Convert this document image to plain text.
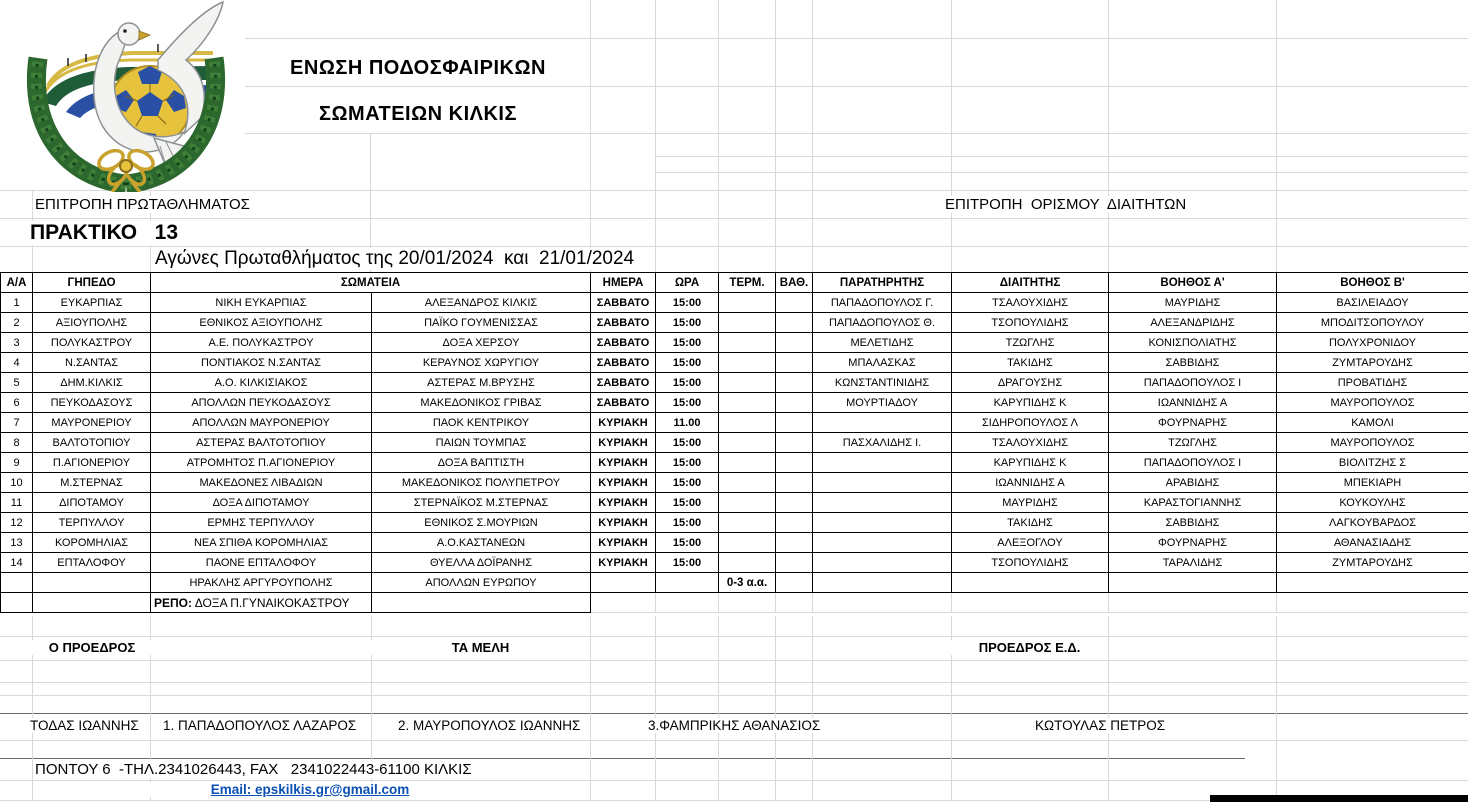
ΕΝΩΣΗ ΠΟΔΟΣΦΑΙΡΙΚΩΝ
ΣΩΜΑΤΕΙΩΝ ΚΙΛΚΙΣ
ΕΠΙΤΡΟΠΗ ΠΡΩΤΑΘΛΗΜΑΤΟΣ	ΕΠΙΤΡΟΠΗ  ΟΡΙΣΜΟΥ  ΔΙΑΙΤΗΤΩΝ
ΠΡΑΚΤΙΚΟ   13
Αγώνες Πρωταθλήματος της 20/01/2024  και  21/01/2024
Α/Α	ΓΗΠΕΔΟ	ΣΩΜΑΤΕΙΑ		ΗΜΕΡΑ	ΩΡΑ	ΤΕΡΜ.	ΒΑΘ.	ΠΑΡΑΤΗΡΗΤΗΣ	ΔΙΑΙΤΗΤΗΣ	ΒΟΗΘΟΣ Α'	ΒΟΗΘΟΣ Β'
1	ΕΥΚΑΡΠΙΑΣ	ΝΙΚΗ ΕΥΚΑΡΠΙΑΣ	ΑΛΕΞΑΝΔΡΟΣ ΚΙΛΚΙΣ	ΣΑΒΒΑΤΟ	15:00			ΠΑΠΑΔΟΠΟΥΛΟΣ Γ.	ΤΣΑΛΟΥΧΙΔΗΣ	ΜΑΥΡΙΔΗΣ	ΒΑΣΙΛΕΙΑΔΟΥ
2	ΑΞΙΟΥΠΟΛΗΣ	ΕΘΝΙΚΟΣ ΑΞΙΟΥΠΟΛΗΣ	ΠΑΪΚΟ ΓΟΥΜΕΝΙΣΣΑΣ	ΣΑΒΒΑΤΟ	15:00			ΠΑΠΑΔΟΠΟΥΛΟΣ Θ.	ΤΣΟΠΟΥΛΙΔΗΣ	ΑΛΕΞΑΝΔΡΙΔΗΣ	ΜΠΟΔΙΤΣΟΠΟΥΛΟΥ
3	ΠΟΛΥΚΑΣΤΡΟΥ	Α.Ε. ΠΟΛΥΚΑΣΤΡΟΥ	ΔΟΞΑ ΧΕΡΣΟΥ	ΣΑΒΒΑΤΟ	15:00			ΜΕΛΕΤΙΔΗΣ	ΤΖΩΓΛΗΣ	ΚΟΝΙΣΠΟΛΙΑΤΗΣ	ΠΟΛΥΧΡΟΝΙΔΟΥ
4	Ν.ΣΑΝΤΑΣ	ΠΟΝΤΙΑΚΟΣ Ν.ΣΑΝΤΑΣ	ΚΕΡΑΥΝΟΣ ΧΩΡΥΓΙΟΥ	ΣΑΒΒΑΤΟ	15:00			ΜΠΑΛΑΣΚΑΣ	ΤΑΚΙΔΗΣ	ΣΑΒΒΙΔΗΣ	ΖΥΜΤΑΡΟΥΔΗΣ
5	ΔΗΜ.ΚΙΛΚΙΣ	Α.Ο. ΚΙΛΚΙΣΙΑΚΟΣ	ΑΣΤΕΡΑΣ Μ.ΒΡΥΣΗΣ	ΣΑΒΒΑΤΟ	15:00			ΚΩΝΣΤΑΝΤΙΝΙΔΗΣ	ΔΡΑΓΟΥΣΗΣ	ΠΑΠΑΔΟΠΟΥΛΟΣ Ι	ΠΡΟΒΑΤΙΔΗΣ
6	ΠΕΥΚΟΔΑΣΟΥΣ	ΑΠΟΛΛΩΝ ΠΕΥΚΟΔΑΣΟΥΣ	ΜΑΚΕΔΟΝΙΚΟΣ ΓΡΙΒΑΣ	ΣΑΒΒΑΤΟ	15:00			ΜΟΥΡΤΙΑΔΟΥ	ΚΑΡΥΠΙΔΗΣ Κ	ΙΩΑΝΝΙΔΗΣ Α	ΜΑΥΡΟΠΟΥΛΟΣ
7	ΜΑΥΡΟΝΕΡΙΟΥ	ΑΠΟΛΛΩΝ ΜΑΥΡΟΝΕΡΙΟΥ	ΠΑΟΚ ΚΕΝΤΡΙΚΟΥ	ΚΥΡΙΑΚΗ	11.00				ΣΙΔΗΡΟΠΟΥΛΟΣ Λ	ΦΟΥΡΝΑΡΗΣ	ΚΑΜΟΛΙ
8	ΒΑΛΤΟΤΟΠΙΟΥ	ΑΣΤΕΡΑΣ ΒΑΛΤΟΤΟΠΙΟΥ	ΠΑΙΩΝ ΤΟΥΜΠΑΣ	ΚΥΡΙΑΚΗ	15:00			ΠΑΣΧΑΛΙΔΗΣ Ι.	ΤΣΑΛΟΥΧΙΔΗΣ	ΤΖΩΓΛΗΣ	ΜΑΥΡΟΠΟΥΛΟΣ
9	Π.ΑΓΙΟΝΕΡΙΟΥ	ΑΤΡΟΜΗΤΟΣ Π.ΑΓΙΟΝΕΡΙΟΥ	ΔΟΞΑ ΒΑΠΤΙΣΤΗ	ΚΥΡΙΑΚΗ	15:00				ΚΑΡΥΠΙΔΗΣ Κ	ΠΑΠΑΔΟΠΟΥΛΟΣ Ι	ΒΙΟΛΙΤΖΗΣ Σ
10	Μ.ΣΤΕΡΝΑΣ	ΜΑΚΕΔΟΝΕΣ ΛΙΒΑΔΙΩΝ	ΜΑΚΕΔΟΝΙΚΟΣ ΠΟΛΥΠΕΤΡΟΥ	ΚΥΡΙΑΚΗ	15:00				ΙΩΑΝΝΙΔΗΣ Α	ΑΡΑΒΙΔΗΣ	ΜΠΕΚΙΑΡΗ
11	ΔΙΠΟΤΑΜΟΥ	ΔΟΞΑ ΔΙΠΟΤΑΜΟΥ	ΣΤΕΡΝΑΪΚΟΣ Μ.ΣΤΕΡΝΑΣ	ΚΥΡΙΑΚΗ	15:00				ΜΑΥΡΙΔΗΣ	ΚΑΡΑΣΤΟΓΙΑΝΝΗΣ	ΚΟΥΚΟΥΛΗΣ
12	ΤΕΡΠΥΛΛΟΥ	ΕΡΜΗΣ ΤΕΡΠΥΛΛΟΥ	ΕΘΝΙΚΟΣ Σ.ΜΟΥΡΙΩΝ	ΚΥΡΙΑΚΗ	15:00				ΤΑΚΙΔΗΣ	ΣΑΒΒΙΔΗΣ	ΛΑΓΚΟΥΒΑΡΔΟΣ
13	ΚΟΡΟΜΗΛΙΑΣ	ΝΕΑ ΣΠΙΘΑ ΚΟΡΟΜΗΛΙΑΣ	Α.Ο.ΚΑΣΤΑΝΕΩΝ	ΚΥΡΙΑΚΗ	15:00				ΑΛΕΞΟΓΛΟΥ	ΦΟΥΡΝΑΡΗΣ	ΑΘΑΝΑΣΙΑΔΗΣ
14	ΕΠΤΑΛΟΦΟΥ	ΠΑΟΝΕ ΕΠΤΑΛΟΦΟΥ	ΘΥΕΛΛΑ ΔΟΪΡΑΝΗΣ	ΚΥΡΙΑΚΗ	15:00				ΤΣΟΠΟΥΛΙΔΗΣ	ΤΑΡΑΛΙΔΗΣ	ΖΥΜΤΑΡΟΥΔΗΣ
		ΗΡΑΚΛΗΣ ΑΡΓΥΡΟΥΠΟΛΗΣ	ΑΠΟΛΛΩΝ ΕΥΡΩΠΟΥ			0-3 α.α.					
		ΡΕΠΟ: ΔΟΞΑ Π.ΓΥΝΑΙΚΟΚΑΣΤΡΟΥ									
Ο ΠΡΟΕΔΡΟΣ	ΤΑ ΜΕΛΗ	ΠΡΟΕΔΡΟΣ Ε.Δ.
ΤΟΔΑΣ ΙΩΑΝΝΗΣ 1. ΠΑΠΑΔΟΠΟΥΛΟΣ ΛΑΖΑΡΟΣ	2. ΜΑΥΡΟΠΟΥΛΟΣ ΙΩΑΝΝΗΣ	3.ΦΑΜΠΡΙΚΗΣ ΑΘΑΝΑΣΙΟΣ	ΚΩΤΟΥΛΑΣ ΠΕΤΡΟΣ
ΠΟΝΤΟΥ 6  -ΤΗΛ.2341026443, FAX   2341022443-61100 ΚΙΛΚΙΣ
Email: epskilkis.gr@gmail.com
